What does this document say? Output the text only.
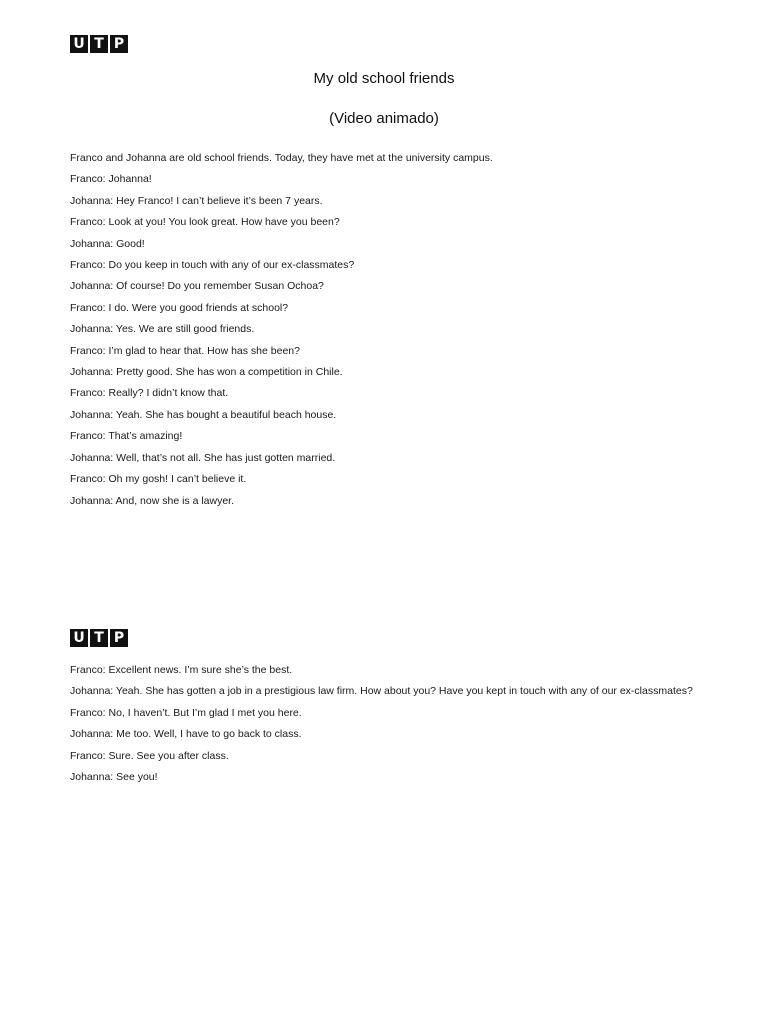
U T P
My old school friends
(Video animado)

Franco and Johanna are old school friends. Today, they have met at the university campus.

Franco: Johanna!

Johanna: Hey Franco! I can’t believe it’s been 7 years.

Franco: Look at you! You look great. How have you been?

Johanna: Good!

Franco: Do you keep in touch with any of our ex-classmates?

Johanna: Of course! Do you remember Susan Ochoa?

Franco: I do. Were you good friends at school?

Johanna: Yes. We are still good friends.

Franco: I’m glad to hear that. How has she been?

Johanna: Pretty good. She has won a competition in Chile.

Franco: Really? I didn’t know that.

Johanna: Yeah. She has bought a beautiful beach house.

Franco: That’s amazing!

Johanna: Well, that’s not all. She has just gotten married.

Franco: Oh my gosh! I can’t believe it.

Johanna: And, now she is a lawyer.

U T P

Franco: Excellent news. I’m sure she’s the best.

Johanna: Yeah. She has gotten a job in a prestigious law firm. How about you? Have you kept in touch with any of our ex-classmates?

Franco: No, I haven’t. But I’m glad I met you here.

Johanna: Me too. Well, I have to go back to class.

Franco: Sure. See you after class.

Johanna: See you!
